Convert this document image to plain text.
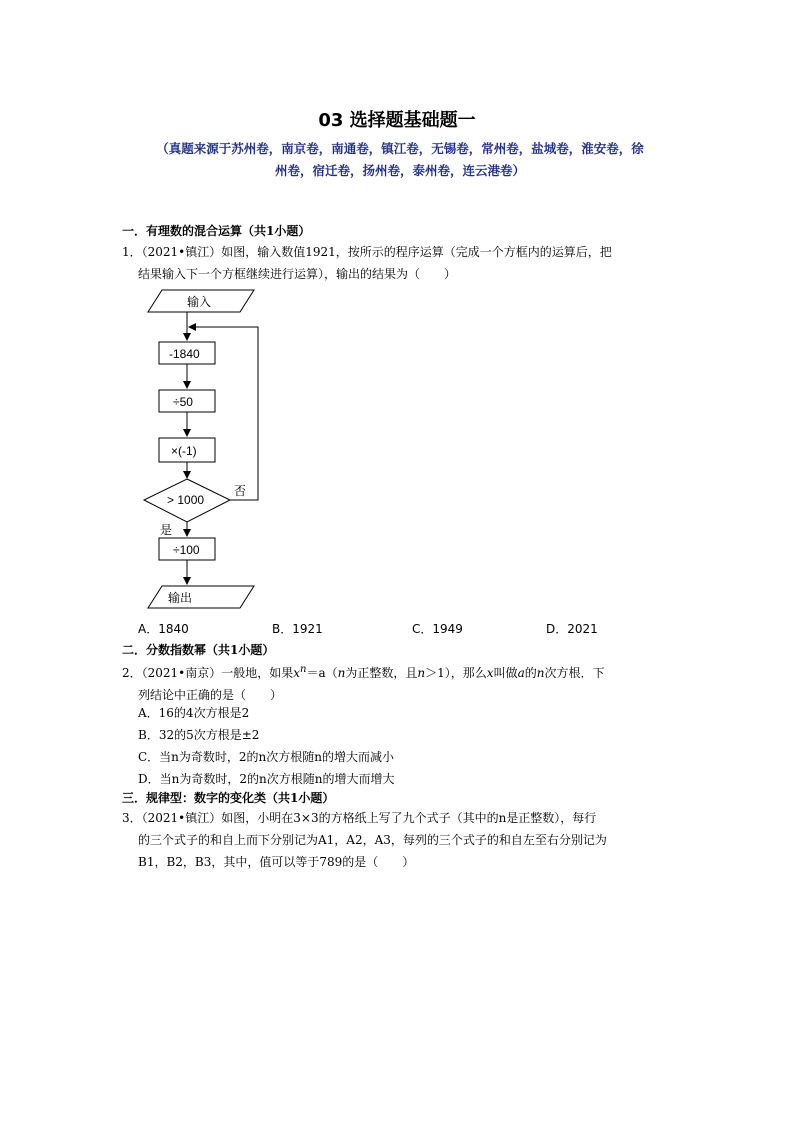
03 选择题基础题一
（真题来源于苏州卷，南京卷，南通卷，镇江卷，无锡卷，常州卷，盐城卷，淮安卷，徐
州卷，宿迁卷，扬州卷，泰州卷，连云港卷）
一．有理数的混合运算（共1小题）
1．（2021•镇江）如图，输入数值1921，按所示的程序运算（完成一个方框内的运算后，把
结果输入下一个方框继续进行运算），输出的结果为（　　）
输入
-1840
÷50
×(-1)
> 1000
否
是
÷100
输出
A．1840	B．1921	C．1949	D．2021
二．分数指数幂（共1小题）
2．（2021•南京）一般地，如果$x^n=a(n$为正整数，且n＞1），那么x叫做a的n次方根．下
列结论中正确的是（　　）
A．16的4次方根是2
B．32的5次方根是±2
C．当n为奇数时，2的n次方根随n的增大而减小
D．当n为奇数时，2的n次方根随n的增大而增大
三．规律型：数字的变化类（共1小题）
3．（2021•镇江）如图，小明在3×3的方格纸上写了九个式子（其中的n是正整数），每行
的三个式子的和自上而下分别记为A1，A2，A3，每列的三个式子的和自左至右分别记为
B1，B2，B3，其中，值可以等于789的是（　　）
